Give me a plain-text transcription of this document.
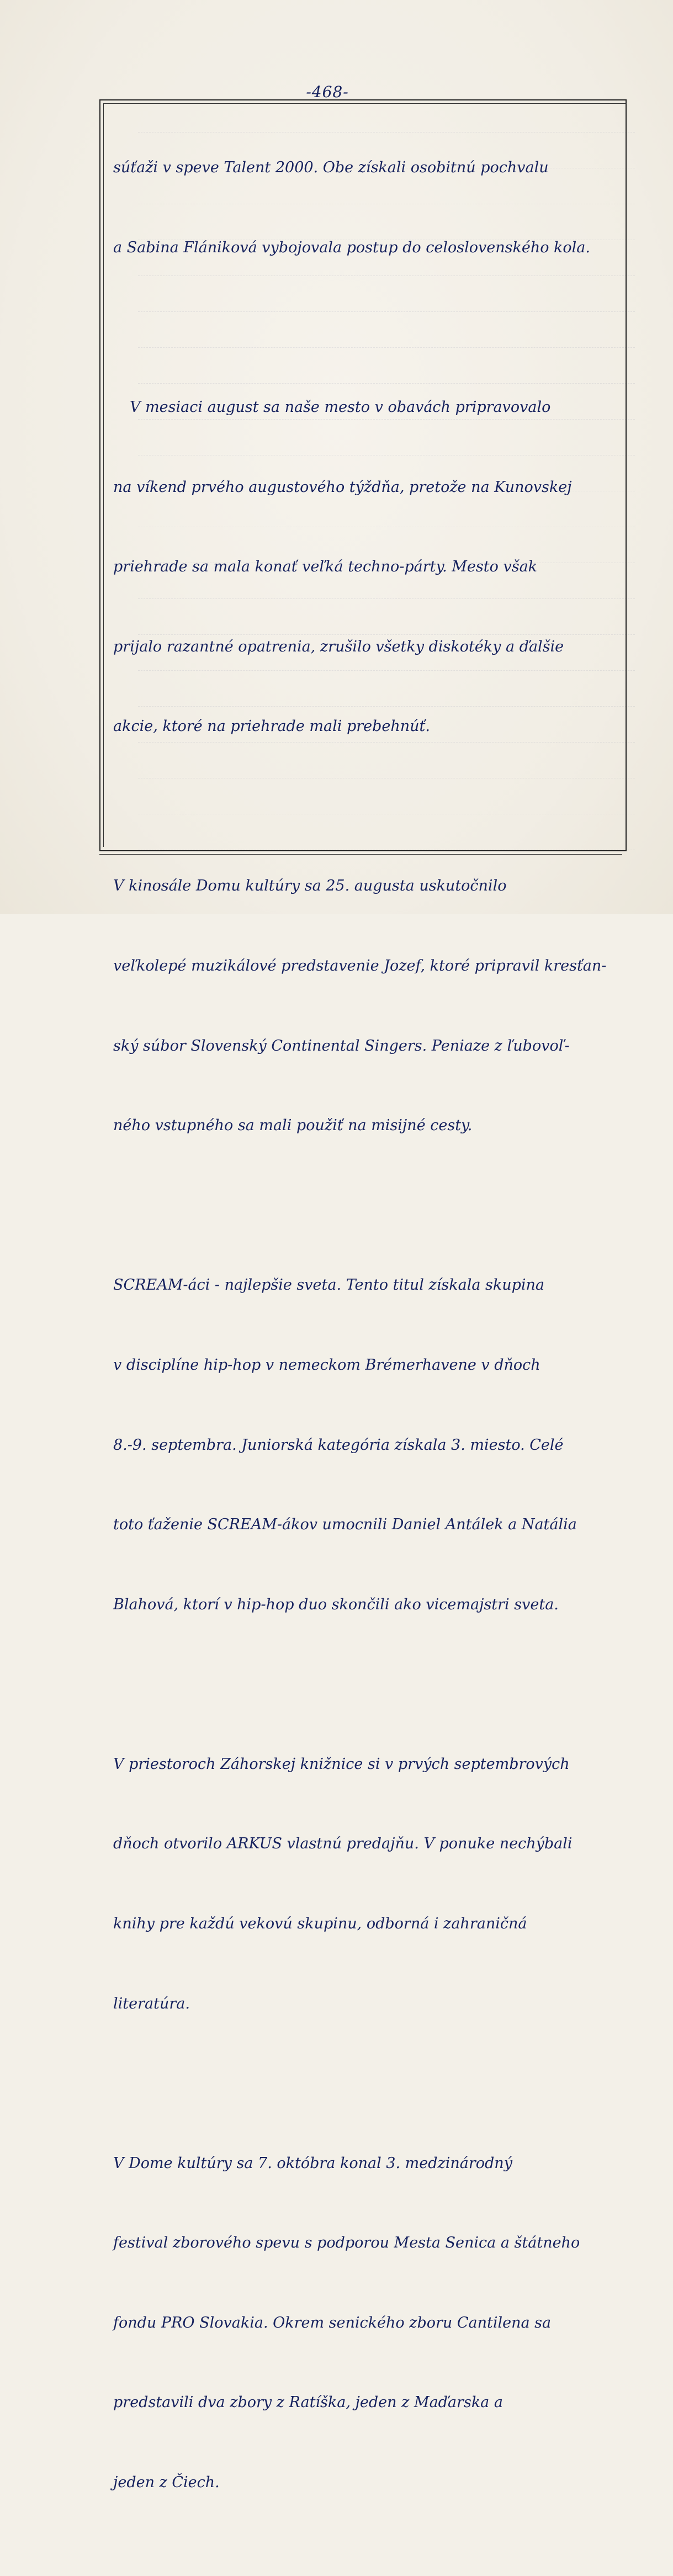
-468-

súťaži v speve Talent 2000. Obe získali osobitnú pochvalu

a Sabina Flániková vybojovala postup do celoslovenského kola.

V mesiaci august sa naše mesto v obavách pripravovalo

na víkend prvého augustového týždňa, pretože na Kunovskej

priehrade sa mala konať veľká techno-párty. Mesto však

prijalo razantné opatrenia, zrušilo všetky diskotéky a ďalšie

akcie, ktoré na priehrade mali prebehnúť.

V kinosále Domu kultúry sa 25. augusta uskutočnilo

veľkolepé muzikálové predstavenie Jozef, ktoré pripravil kresťan-

ský súbor Slovenský Continental Singers. Peniaze z ľubovoľ-

ného vstupného sa mali použiť na misijné cesty.

SCREAM-áci - najlepšie sveta. Tento titul získala skupina

v disciplíne hip-hop v nemeckom Brémerhavene v dňoch

8.-9. septembra. Juniorská kategória získala 3. miesto. Celé

toto ťaženie SCREAM-ákov umocnili Daniel Antálek a Natália

Blahová, ktorí v hip-hop duo skončili ako vicemajstri sveta.

V priestoroch Záhorskej knižnice si v prvých septembrových

dňoch otvorilo ARKUS vlastnú predajňu. V ponuke nechýbali

knihy pre každú vekovú skupinu, odborná i zahraničná

literatúra.

V Dome kultúry sa 7. októbra konal 3. medzinárodný

festival zborového spevu s podporou Mesta Senica a štátneho

fondu PRO Slovakia. Okrem senického zboru Cantilena sa

predstavili dva zbory z Ratíška, jeden z Maďarska a

jeden z Čiech.
